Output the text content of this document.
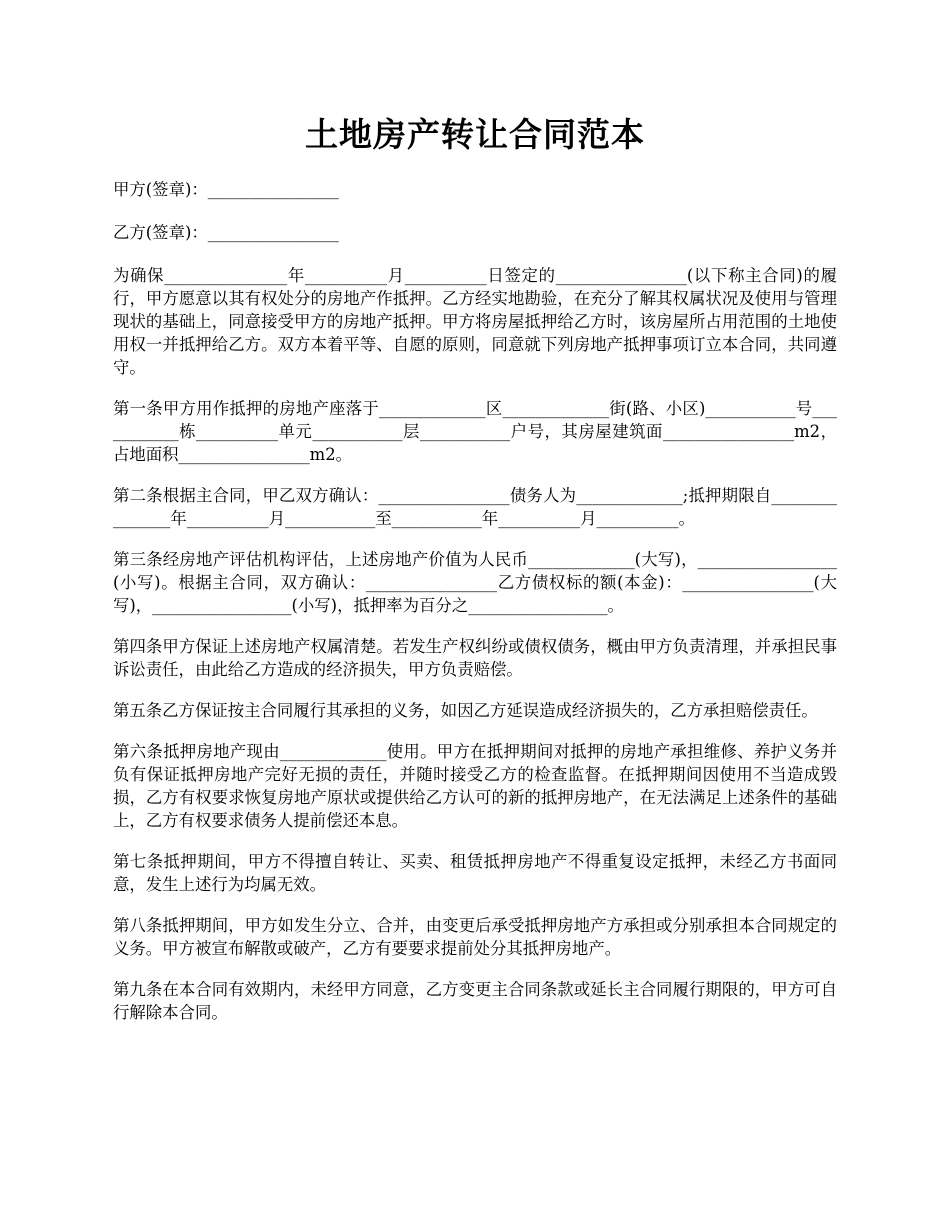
土地房产转让合同范本

甲方(签章)：________________

乙方(签章)：________________

为确保_______________年__________月__________日签定的________________(以下称主合同)的履行，甲方愿意以其有权处分的房地产作抵押。乙方经实地勘验，在充分了解其权属状况及使用与管理现状的基础上，同意接受甲方的房地产抵押。甲方将房屋抵押给乙方时，该房屋所占用范围的土地使用权一并抵押给乙方。双方本着平等、自愿的原则，同意就下列房地产抵押事项订立本合同，共同遵守。

第一条甲方用作抵押的房地产座落于_____________区_____________街(路、小区)___________号___________栋__________单元___________层___________户号，其房屋建筑面________________m2，占地面积________________m2。

第二条根据主合同，甲乙双方确认：________________债务人为_____________;抵押期限自_______________年__________月___________至___________年__________月__________。

第三条经房地产评估机构评估，上述房地产价值为人民币_____________(大写)，_________________(小写)。根据主合同，双方确认：________________乙方债权标的额(本金)：________________(大写)，_________________(小写)，抵押率为百分之_________________。

第四条甲方保证上述房地产权属清楚。若发生产权纠纷或债权债务，概由甲方负责清理，并承担民事诉讼责任，由此给乙方造成的经济损失，甲方负责赔偿。

第五条乙方保证按主合同履行其承担的义务，如因乙方延误造成经济损失的，乙方承担赔偿责任。

第六条抵押房地产现由_____________使用。甲方在抵押期间对抵押的房地产承担维修、养护义务并负有保证抵押房地产完好无损的责任，并随时接受乙方的检查监督。在抵押期间因使用不当造成毁损，乙方有权要求恢复房地产原状或提供给乙方认可的新的抵押房地产，在无法满足上述条件的基础上，乙方有权要求债务人提前偿还本息。

第七条抵押期间，甲方不得擅自转让、买卖、租赁抵押房地产不得重复设定抵押，未经乙方书面同意，发生上述行为均属无效。

第八条抵押期间，甲方如发生分立、合并，由变更后承受抵押房地产方承担或分别承担本合同规定的义务。甲方被宣布解散或破产，乙方有要要求提前处分其抵押房地产。

第九条在本合同有效期内，未经甲方同意，乙方变更主合同条款或延长主合同履行期限的，甲方可自行解除本合同。
